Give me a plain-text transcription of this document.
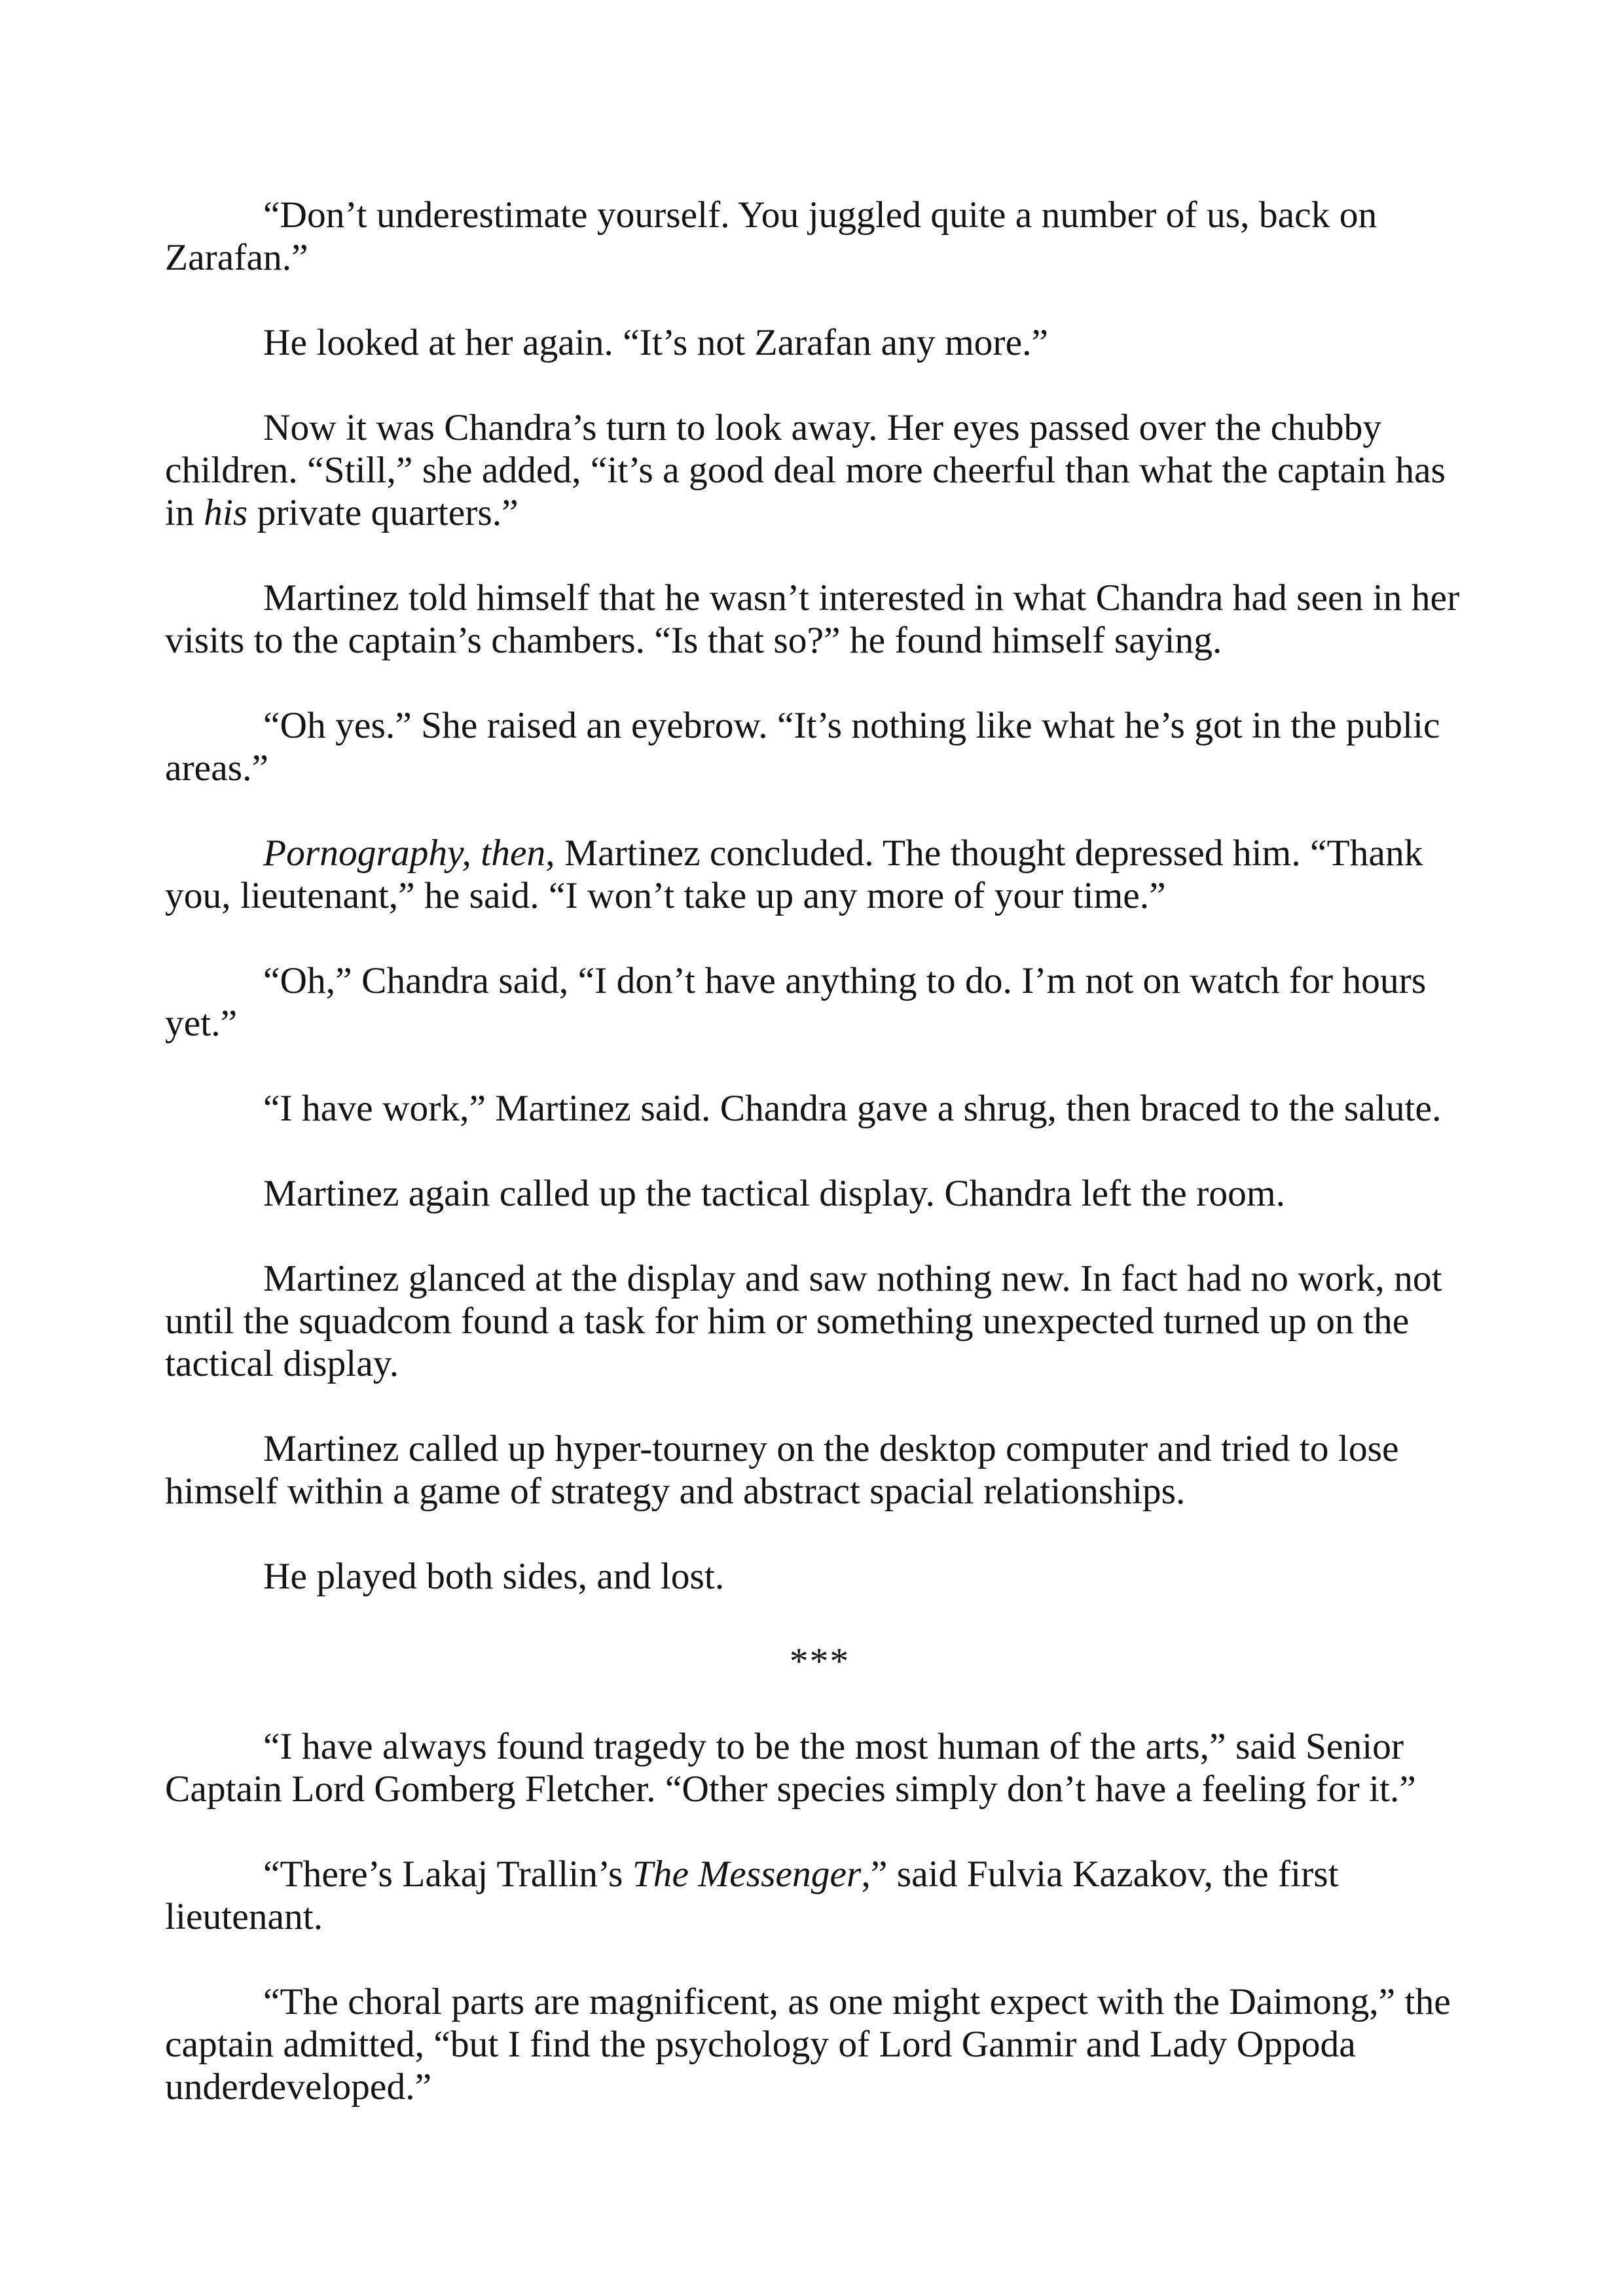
“Don’t underestimate yourself. You juggled quite a number of us, back on Zarafan.”

He looked at her again. “It’s not Zarafan any more.”

Now it was Chandra’s turn to look away. Her eyes passed over the chubby children. “Still,” she added, “it’s a good deal more cheerful than what the captain has in his private quarters.”

Martinez told himself that he wasn’t interested in what Chandra had seen in her visits to the captain’s chambers. “Is that so?” he found himself saying.

“Oh yes.” She raised an eyebrow. “It’s nothing like what he’s got in the public areas.”

Pornography, then, Martinez concluded. The thought depressed him. “Thank you, lieutenant,” he said. “I won’t take up any more of your time.”

“Oh,” Chandra said, “I don’t have anything to do. I’m not on watch for hours yet.”

“I have work,” Martinez said. Chandra gave a shrug, then braced to the salute.

Martinez again called up the tactical display. Chandra left the room.

Martinez glanced at the display and saw nothing new. In fact had no work, not until the squadcom found a task for him or something unexpected turned up on the tactical display.

Martinez called up hyper-tourney on the desktop computer and tried to lose himself within a game of strategy and abstract spacial relationships.

He played both sides, and lost.

***

“I have always found tragedy to be the most human of the arts,” said Senior Captain Lord Gomberg Fletcher. “Other species simply don’t have a feeling for it.”

“There’s Lakaj Trallin’s The Messenger,” said Fulvia Kazakov, the first lieutenant.

“The choral parts are magnificent, as one might expect with the Daimong,” the captain admitted, “but I find the psychology of Lord Ganmir and Lady Oppoda underdeveloped.”
